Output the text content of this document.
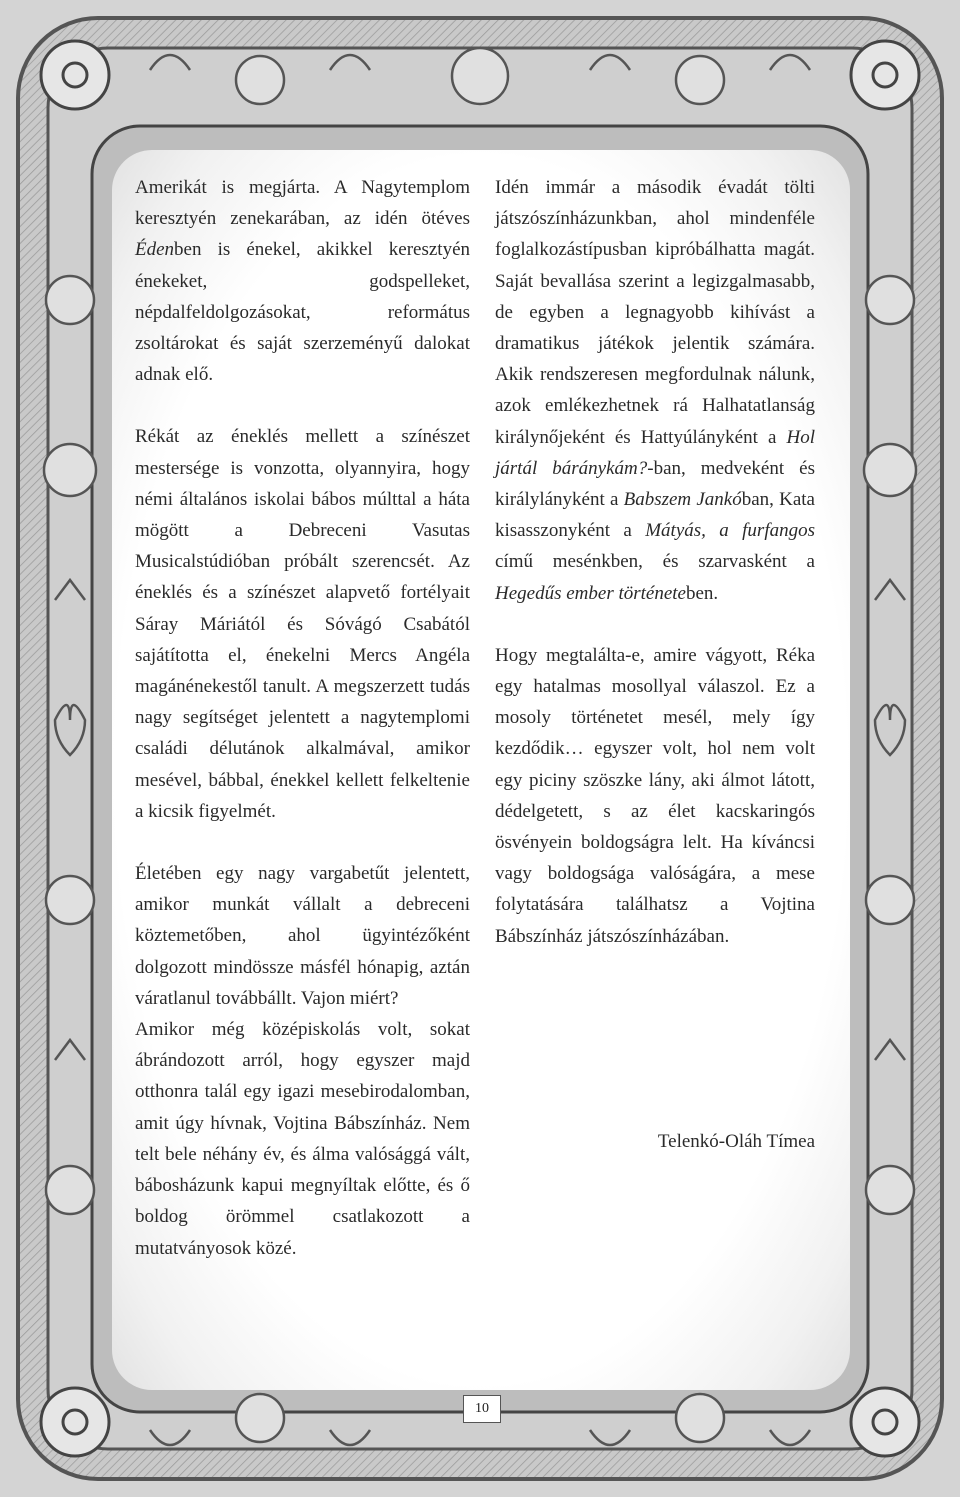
Amerikát is megjárta. A Nagytemplom keresztyén zenekarában, az idén ötéves Édenben is énekel, akikkel keresztyén énekeket, godspelleket, népdalfeldolgozásokat, református zsoltárokat és saját szerzeményű dalokat adnak elő.

Rékát az éneklés mellett a színészet mestersége is vonzotta, olyannyira, hogy némi általános iskolai bábos múlttal a háta mögött a Debreceni Vasutas Musicalstúdióban próbált szerencsét. Az éneklés és a színészet alapvető fortélyait Sáray Máriától és Sóvágó Csabától sajátította el, énekelni Mercs Angéla magánénekestől tanult. A megszerzett tudás nagy segítséget jelentett a nagytemplomi családi délutánok alkalmával, amikor mesével, bábbal, énekkel kellett felkeltenie a kicsik figyelmét.

Életében egy nagy vargabetűt jelentett, amikor munkát vállalt a debreceni köztemetőben, ahol ügyintézőként dolgozott mindössze másfél hónapig, aztán váratlanul továbbállt. Vajon miért?

Amikor még középiskolás volt, sokat ábrándozott arról, hogy egyszer majd otthonra talál egy igazi mesebirodalomban, amit úgy hívnak, Vojtina Bábszínház. Nem telt bele néhány év, és álma valósággá vált, bábosházunk kapui megnyíltak előtte, és ő boldog örömmel csatlakozott a mutatványosok közé.

Idén immár a második évadát tölti játszószínházunkban, ahol mindenféle foglalkozástípusban kipróbálhatta magát. Saját bevallása szerint a legizgalmasabb, de egyben a legnagyobb kihívást a dramatikus játékok jelentik számára. Akik rendszeresen megfordulnak nálunk, azok emlékezhetnek rá Halhatatlanság királynőjeként és Hattyúlányként a Hol jártál báránykám?-ban, medveként és királylányként a Babszem Jankóban, Kata kisasszonyként a Mátyás, a furfangos című mesénkben, és szarvasként a Hegedűs ember történeteben.

Hogy megtalálta-e, amire vágyott, Réka egy hatalmas mosollyal válaszol. Ez a mosoly történetet mesél, mely így kezdődik… egyszer volt, hol nem volt egy piciny szöszke lány, aki álmot látott, dédelgetett, s az élet kacskaringós ösvényein boldogságra lelt. Ha kíváncsi vagy boldogsága valóságára, a mese folytatására találhatsz a Vojtina Bábszínház játszószínházában.

Telenkó-Oláh Tímea
10
